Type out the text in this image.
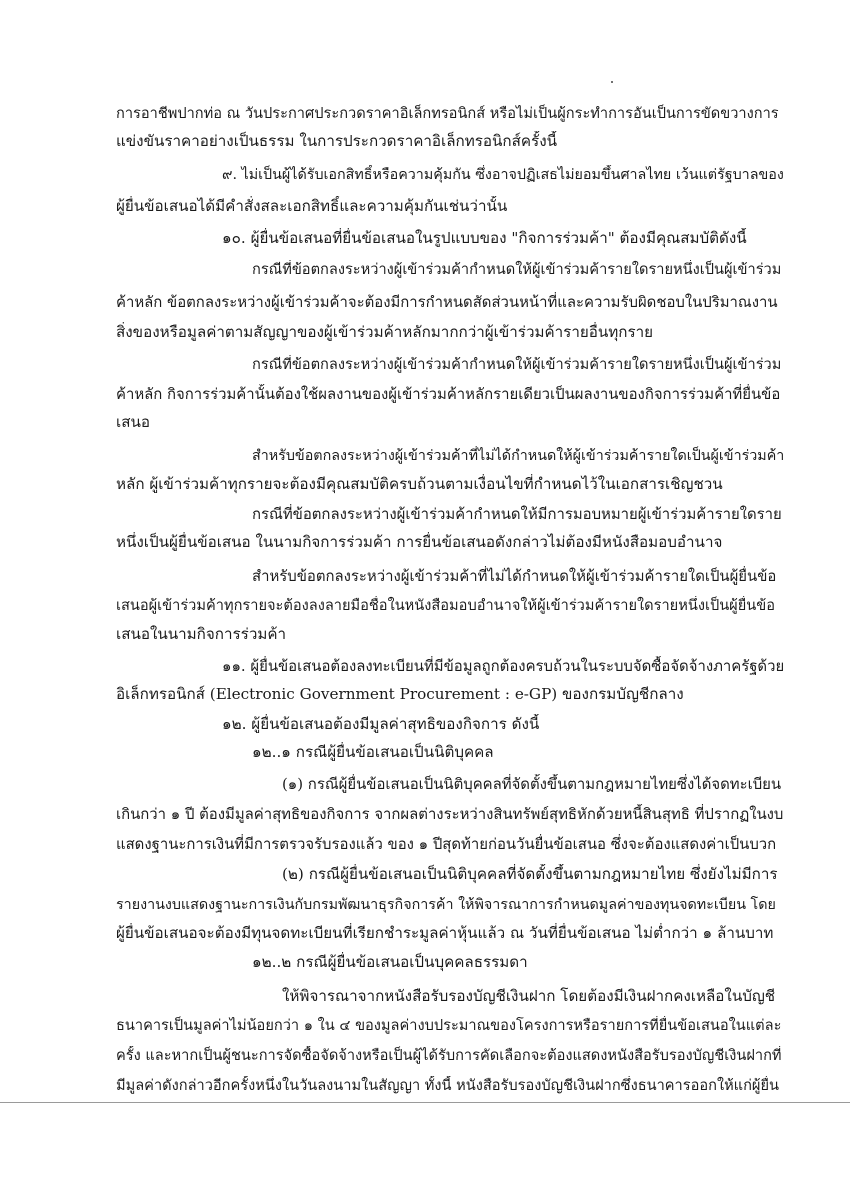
การอาชีพปากท่อ ณ วันประกาศประกวดราคาอิเล็กทรอนิกส์ หรือไม่เป็นผู้กระทำการอันเป็นการขัดขวางการ
แข่งขันราคาอย่างเป็นธรรม ในการประกวดราคาอิเล็กทรอนิกส์ครั้งนี้
๙. ไม่เป็นผู้ได้รับเอกสิทธิ์หรือความคุ้มกัน ซึ่งอาจปฏิเสธไม่ยอมขึ้นศาลไทย เว้นแต่รัฐบาลของ
ผู้ยื่นข้อเสนอได้มีคำสั่งสละเอกสิทธิ์และความคุ้มกันเช่นว่านั้น
๑๐. ผู้ยื่นข้อเสนอที่ยื่นข้อเสนอในรูปแบบของ "กิจการร่วมค้า" ต้องมีคุณสมบัติดังนี้
กรณีที่ข้อตกลงระหว่างผู้เข้าร่วมค้ากำหนดให้ผู้เข้าร่วมค้ารายใดรายหนึ่งเป็นผู้เข้าร่วม
ค้าหลัก ข้อตกลงระหว่างผู้เข้าร่วมค้าจะต้องมีการกำหนดสัดส่วนหน้าที่และความรับผิดชอบในปริมาณงาน
สิ่งของหรือมูลค่าตามสัญญาของผู้เข้าร่วมค้าหลักมากกว่าผู้เข้าร่วมค้ารายอื่นทุกราย
กรณีที่ข้อตกลงระหว่างผู้เข้าร่วมค้ากำหนดให้ผู้เข้าร่วมค้ารายใดรายหนึ่งเป็นผู้เข้าร่วม
ค้าหลัก กิจการร่วมค้านั้นต้องใช้ผลงานของผู้เข้าร่วมค้าหลักรายเดียวเป็นผลงานของกิจการร่วมค้าที่ยื่นข้อ
เสนอ
สำหรับข้อตกลงระหว่างผู้เข้าร่วมค้าที่ไม่ได้กำหนดให้ผู้เข้าร่วมค้ารายใดเป็นผู้เข้าร่วมค้า
หลัก ผู้เข้าร่วมค้าทุกรายจะต้องมีคุณสมบัติครบถ้วนตามเงื่อนไขที่กำหนดไว้ในเอกสารเชิญชวน
กรณีที่ข้อตกลงระหว่างผู้เข้าร่วมค้ากำหนดให้มีการมอบหมายผู้เข้าร่วมค้ารายใดราย
หนึ่งเป็นผู้ยื่นข้อเสนอ ในนามกิจการร่วมค้า การยื่นข้อเสนอดังกล่าวไม่ต้องมีหนังสือมอบอำนาจ
สำหรับข้อตกลงระหว่างผู้เข้าร่วมค้าที่ไม่ได้กำหนดให้ผู้เข้าร่วมค้ารายใดเป็นผู้ยื่นข้อ
เสนอผู้เข้าร่วมค้าทุกรายจะต้องลงลายมือชื่อในหนังสือมอบอำนาจให้ผู้เข้าร่วมค้ารายใดรายหนึ่งเป็นผู้ยื่นข้อ
เสนอในนามกิจการร่วมค้า
๑๑. ผู้ยื่นข้อเสนอต้องลงทะเบียนที่มีข้อมูลถูกต้องครบถ้วนในระบบจัดซื้อจัดจ้างภาครัฐด้วย
อิเล็กทรอนิกส์ (Electronic Government Procurement : e-GP) ของกรมบัญชีกลาง
๑๒. ผู้ยื่นข้อเสนอต้องมีมูลค่าสุทธิของกิจการ ดังนี้
๑๒..๑ กรณีผู้ยื่นข้อเสนอเป็นนิติบุคคล
(๑) กรณีผู้ยื่นข้อเสนอเป็นนิติบุคคลที่จัดตั้งขึ้นตามกฎหมายไทยซึ่งได้จดทะเบียน
เกินกว่า ๑ ปี ต้องมีมูลค่าสุทธิของกิจการ จากผลต่างระหว่างสินทรัพย์สุทธิหักด้วยหนี้สินสุทธิ ที่ปรากฏในงบ
แสดงฐานะการเงินที่มีการตรวจรับรองแล้ว ของ ๑ ปีสุดท้ายก่อนวันยื่นข้อเสนอ ซึ่งจะต้องแสดงค่าเป็นบวก
(๒) กรณีผู้ยื่นข้อเสนอเป็นนิติบุคคลที่จัดตั้งขึ้นตามกฎหมายไทย ซึ่งยังไม่มีการ
รายงานงบแสดงฐานะการเงินกับกรมพัฒนาธุรกิจการค้า ให้พิจารณาการกำหนดมูลค่าของทุนจดทะเบียน โดย
ผู้ยื่นข้อเสนอจะต้องมีทุนจดทะเบียนที่เรียกชำระมูลค่าหุ้นแล้ว ณ วันที่ยื่นข้อเสนอ ไม่ต่ำกว่า ๑ ล้านบาท
๑๒..๒ กรณีผู้ยื่นข้อเสนอเป็นบุคคลธรรมดา
ให้พิจารณาจากหนังสือรับรองบัญชีเงินฝาก โดยต้องมีเงินฝากคงเหลือในบัญชี
ธนาคารเป็นมูลค่าไม่น้อยกว่า ๑ ใน ๔ ของมูลค่างบประมาณของโครงการหรือรายการที่ยื่นข้อเสนอในแต่ละ
ครั้ง และหากเป็นผู้ชนะการจัดซื้อจัดจ้างหรือเป็นผู้ได้รับการคัดเลือกจะต้องแสดงหนังสือรับรองบัญชีเงินฝากที่
มีมูลค่าดังกล่าวอีกครั้งหนึ่งในวันลงนามในสัญญา ทั้งนี้ หนังสือรับรองบัญชีเงินฝากซึ่งธนาคารออกให้แก่ผู้ยื่น
